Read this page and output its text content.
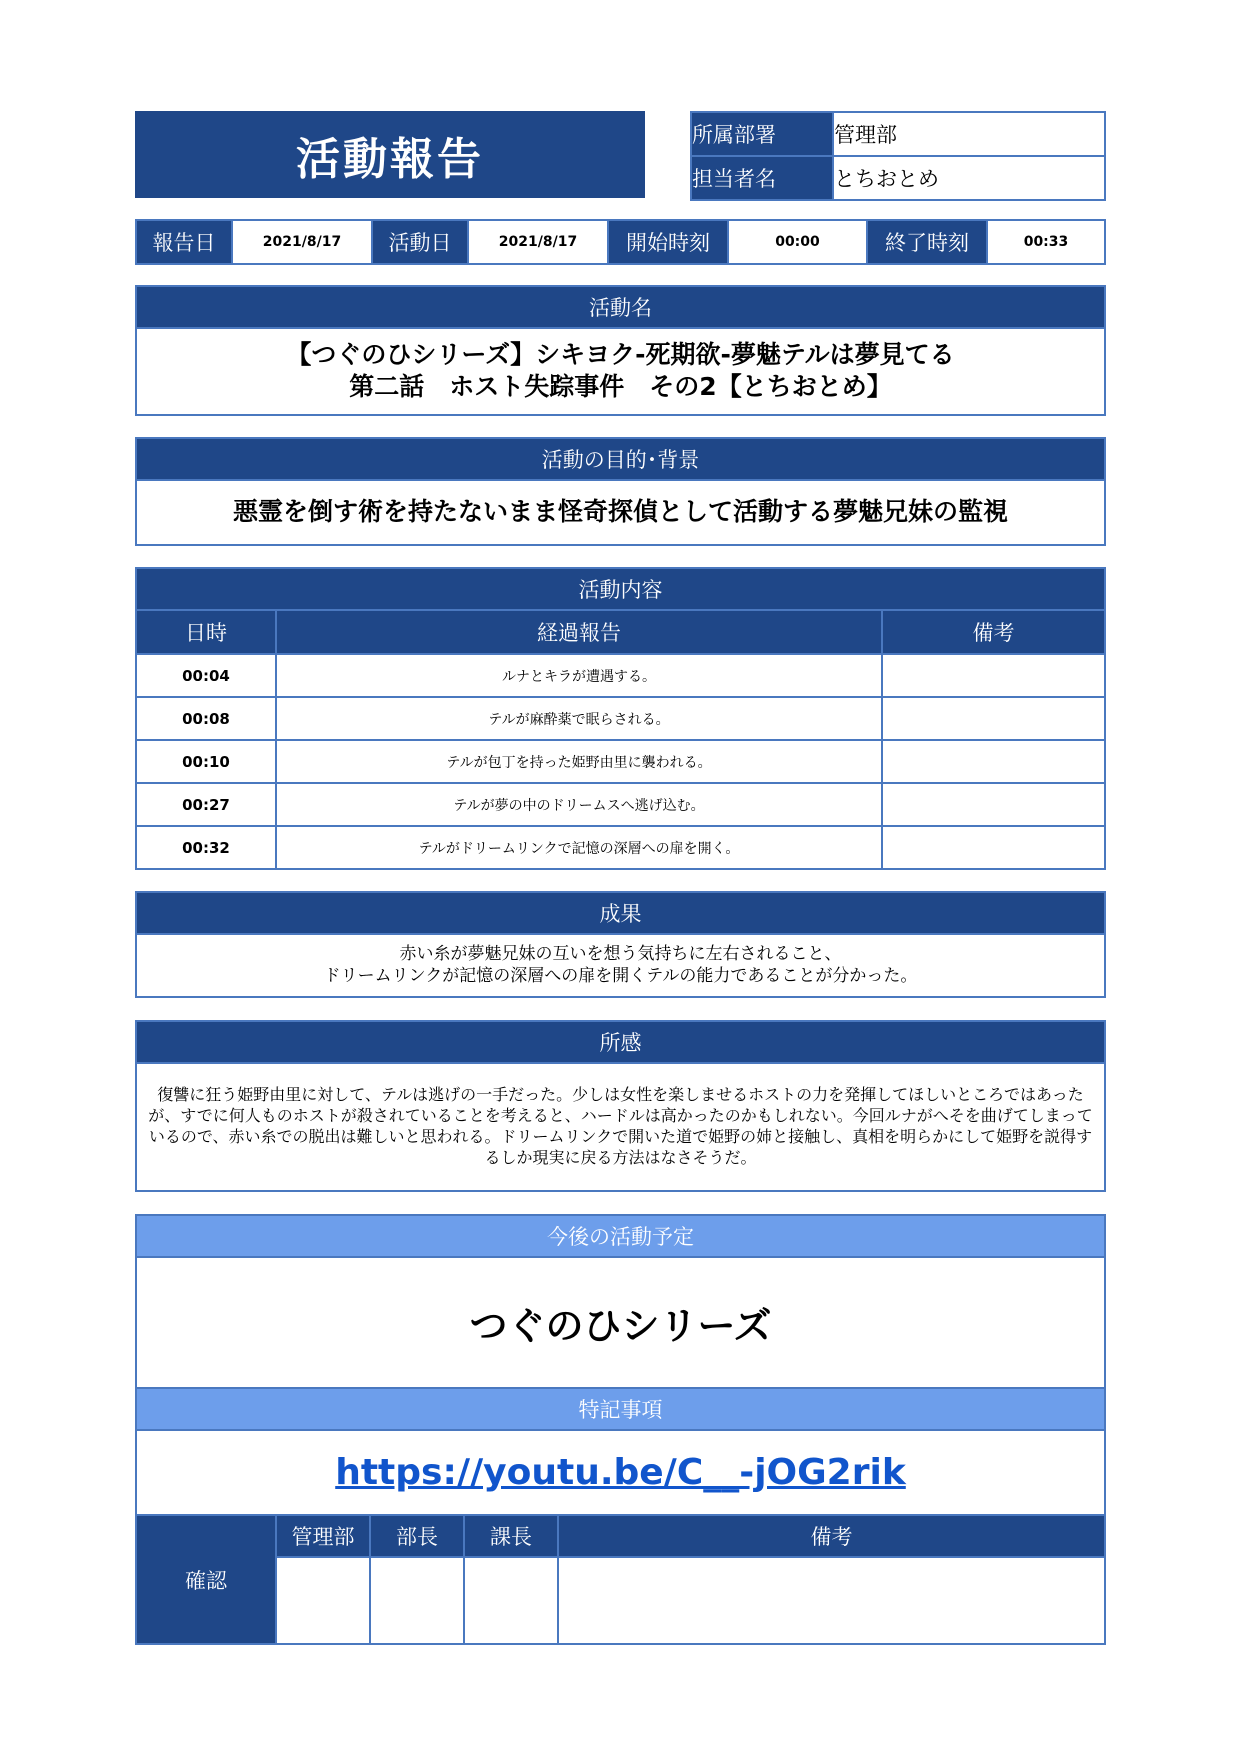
活動報告	所属部署	管理部
担当者名	とちおとめ
報告日	2021/8/17	活動日	2021/8/17	開始時刻	00:00	終了時刻	00:33
活動名
【つぐのひシリーズ】シキヨク-死期欲-夢魅テルは夢見てる
第二話　ホスト失踪事件　その2【とちおとめ】
活動の目的･背景
悪霊を倒す術を持たないまま怪奇探偵として活動する夢魅兄妹の監視
活動内容
日時	経過報告	備考
00:04	ルナとキラが遭遇する。	
00:08	テルが麻酔薬で眠らされる。	
00:10	テルが包丁を持った姫野由里に襲われる。	
00:27	テルが夢の中のドリームスへ逃げ込む。	
00:32	テルがドリームリンクで記憶の深層への扉を開く。	
成果
赤い糸が夢魅兄妹の互いを想う気持ちに左右されること、
ドリームリンクが記憶の深層への扉を開くテルの能力であることが分かった。
所感
復讐に狂う姫野由里に対して、テルは逃げの一手だった。少しは女性を楽しませるホストの力を発揮してほしいところではあったが、すでに何人ものホストが殺されていることを考えると、ハードルは高かったのかもしれない。今回ルナがへそを曲げてしまっているので、赤い糸での脱出は難しいと思われる。ドリームリンクで開いた道で姫野の姉と接触し、真相を明らかにして姫野を説得するしか現実に戻る方法はなさそうだ。
今後の活動予定
つぐのひシリーズ
特記事項
https://youtu.be/C__-jOG2rik
確認	管理部	部長	課長	備考
